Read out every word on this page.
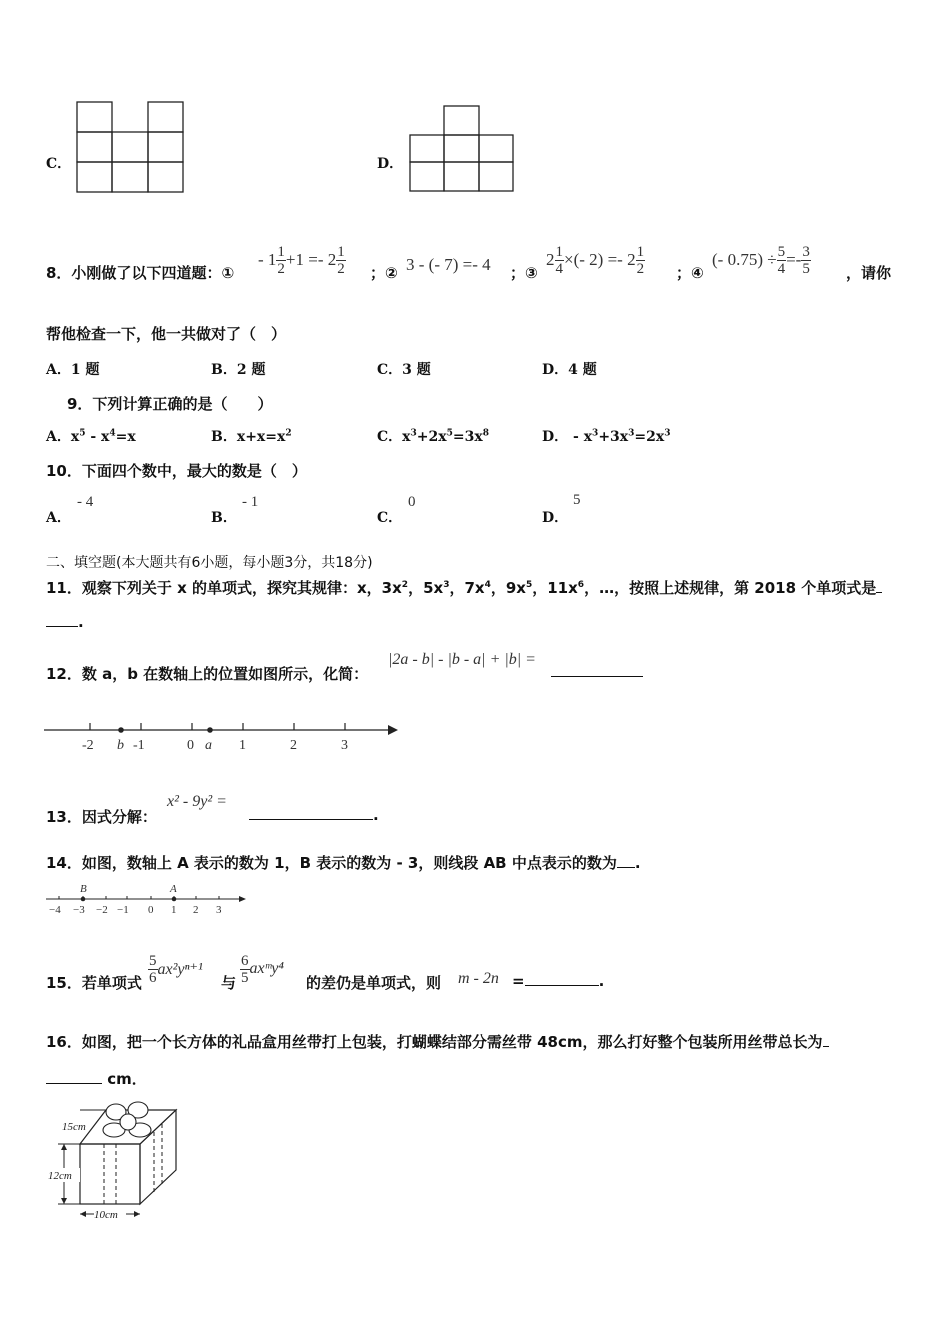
C．	D．
8．小刚做了以下四道题：①
- $1 \frac{1}{2} +1 =- 2 \frac{1}{2}$ ；② 3 - (- 7) =- 4 ；③
$2 \frac{1}{4}$ ×(- $2) =- 2 \frac{1}{2}$ ；④
(- $0.75) \div \frac{5}{4} =- \frac{3}{5}$ ，请你
帮他检查一下，他一共做对了（　）
A．1 题	B．2 题	C．3 题	D．4 题
9．下列计算正确的是（　　）
A．$x^5 - x^4=x$	B．$x+x=x^2$	C．$x^3+2x^5=3x^8$	D． - $x^3+3x^3=2x^3$
10．下面四个数中，最大的数是（　）
A．
- 4
B．
- 1
C．
0
D．
5
二、填空题(本大题共有6小题，每小题3分，共18分)
11．观察下列关于 x 的单项式，探究其规律：x，$3x^2$，$5x^3$，$7x^4$，$9x^5$，$11x^6$，…，按照上述规律，第 2018 个单项式是
.
12．数 a，b 在数轴上的位置如图所示，化简：
|2a - b| - |b - a| + |b| =
-2 b -1	0 a 1	2	3
13．因式分解：
x² - 9y² =
.
14．如图，数轴上 A 表示的数为 1，B 表示的数为 - 3，则线段 AB 中点表示的数为 .
B	A
−4 −3 −2 −1 0 1 2 3
15．若单项式 $\frac{5}{6} ax^2y^{n+1}$
与 $\frac{6}{5}$ axᵐy⁴
的差仍是单项式，则 m - 2n =	.
16．如图，把一个长方体的礼品盒用丝带打上包装，打蝴蝶结部分需丝带 48cm，那么打好整个包装所用丝带总长为
cm．
15cm
12cm
10cm
